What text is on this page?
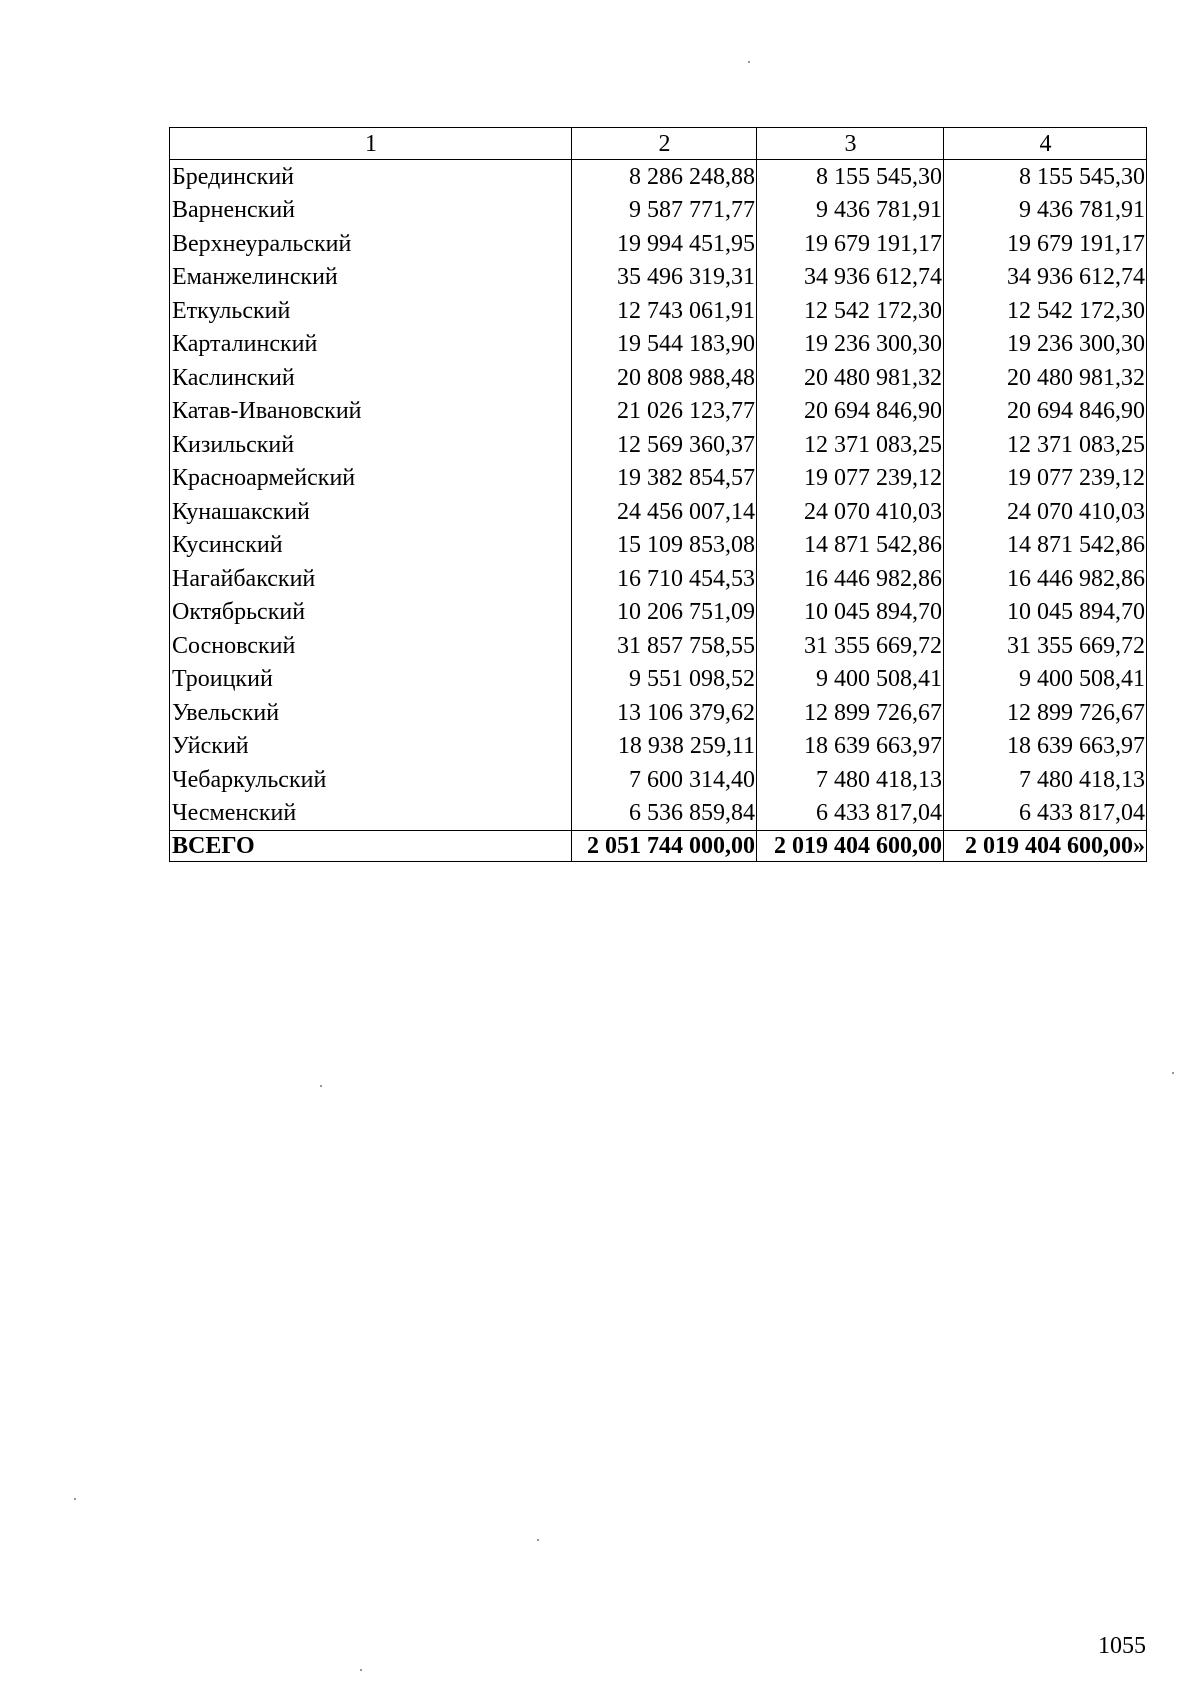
1	2	3	4
Брединский	8 286 248,88	8 155 545,30	8 155 545,30
Варненский	9 587 771,77	9 436 781,91	9 436 781,91
Верхнеуральский	19 994 451,95	19 679 191,17	19 679 191,17
Еманжелинский	35 496 319,31	34 936 612,74	34 936 612,74
Еткульский	12 743 061,91	12 542 172,30	12 542 172,30
Карталинский	19 544 183,90	19 236 300,30	19 236 300,30
Каслинский	20 808 988,48	20 480 981,32	20 480 981,32
Катав-Ивановский	21 026 123,77	20 694 846,90	20 694 846,90
Кизильский	12 569 360,37	12 371 083,25	12 371 083,25
Красноармейский	19 382 854,57	19 077 239,12	19 077 239,12
Кунашакский	24 456 007,14	24 070 410,03	24 070 410,03
Кусинский	15 109 853,08	14 871 542,86	14 871 542,86
Нагайбакский	16 710 454,53	16 446 982,86	16 446 982,86
Октябрьский	10 206 751,09	10 045 894,70	10 045 894,70
Сосновский	31 857 758,55	31 355 669,72	31 355 669,72
Троицкий	9 551 098,52	9 400 508,41	9 400 508,41
Увельский	13 106 379,62	12 899 726,67	12 899 726,67
Уйский	18 938 259,11	18 639 663,97	18 639 663,97
Чебаркульский	7 600 314,40	7 480 418,13	7 480 418,13
Чесменский	6 536 859,84	6 433 817,04	6 433 817,04
ВСЕГО	2 051 744 000,00	2 019 404 600,00	2 019 404 600,00»
1055
